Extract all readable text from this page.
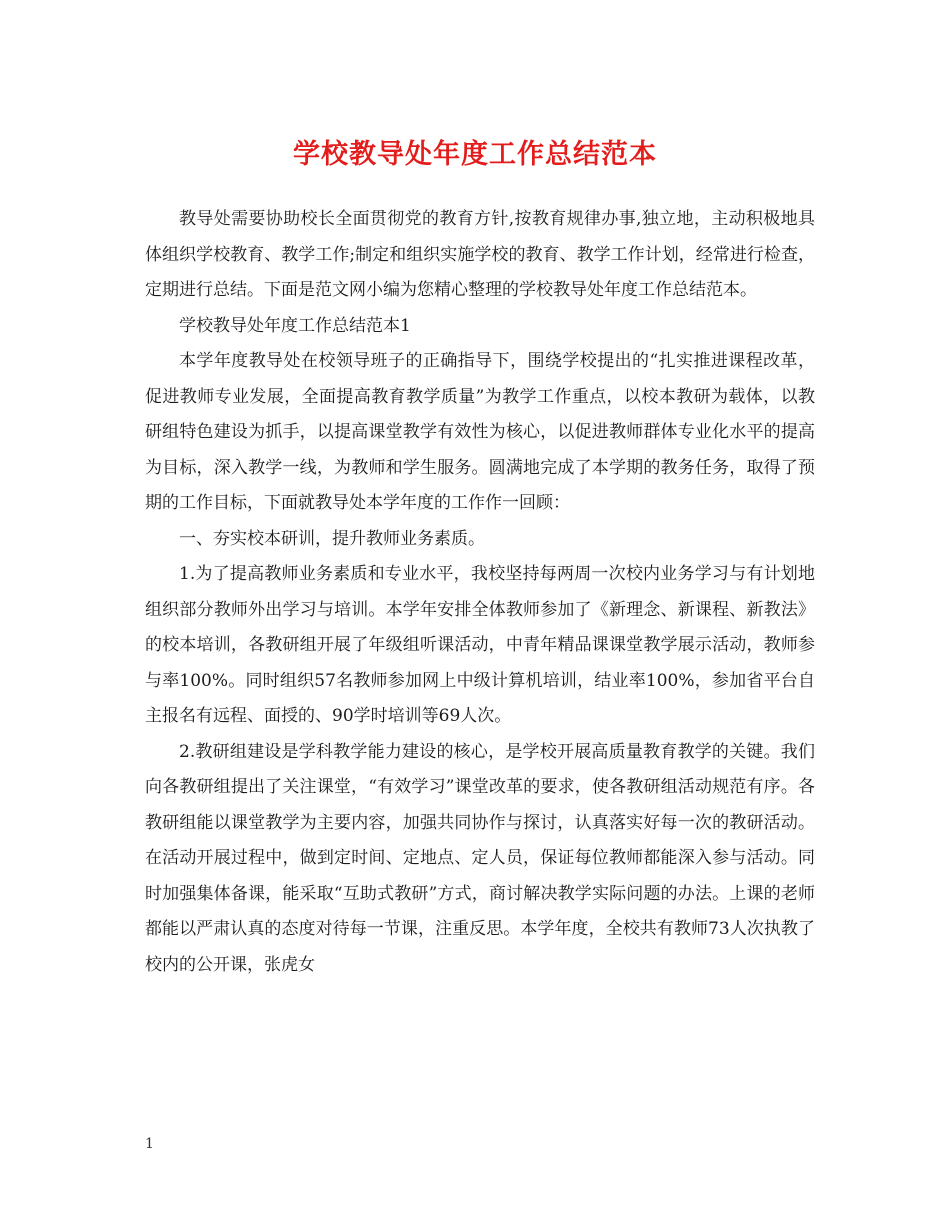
学校教导处年度工作总结范本

教导处需要协助校长全面贯彻党的教育方针,按教育规律办事,独立地，主动积极地具体组织学校教育、教学工作;制定和组织实施学校的教育、教学工作计划，经常进行检查，定期进行总结。下面是范文网小编为您精心整理的学校教导处年度工作总结范本。

学校教导处年度工作总结范本1

本学年度教导处在校领导班子的正确指导下，围绕学校提出的“扎实推进课程改革，促进教师专业发展，全面提高教育教学质量”为教学工作重点，以校本教研为载体，以教研组特色建设为抓手，以提高课堂教学有效性为核心，以促进教师群体专业化水平的提高为目标，深入教学一线，为教师和学生服务。圆满地完成了本学期的教务任务，取得了预期的工作目标，下面就教导处本学年度的工作作一回顾：

一、夯实校本研训，提升教师业务素质。

1.为了提高教师业务素质和专业水平，我校坚持每两周一次校内业务学习与有计划地组织部分教师外出学习与培训。本学年安排全体教师参加了《新理念、新课程、新教法》的校本培训，各教研组开展了年级组听课活动，中青年精品课课堂教学展示活动，教师参与率100%。同时组织57名教师参加网上中级计算机培训，结业率100%，参加省平台自主报名有远程、面授的、90学时培训等69人次。

2.教研组建设是学科教学能力建设的核心，是学校开展高质量教育教学的关键。我们向各教研组提出了关注课堂，“有效学习”课堂改革的要求，使各教研组活动规范有序。各教研组能以课堂教学为主要内容，加强共同协作与探讨，认真落实好每一次的教研活动。在活动开展过程中，做到定时间、定地点、定人员，保证每位教师都能深入参与活动。同时加强集体备课，能采取“互助式教研”方式，商讨解决教学实际问题的办法。上课的老师都能以严肃认真的态度对待每一节课，注重反思。本学年度，全校共有教师73人次执教了校内的公开课，张虎女

1
